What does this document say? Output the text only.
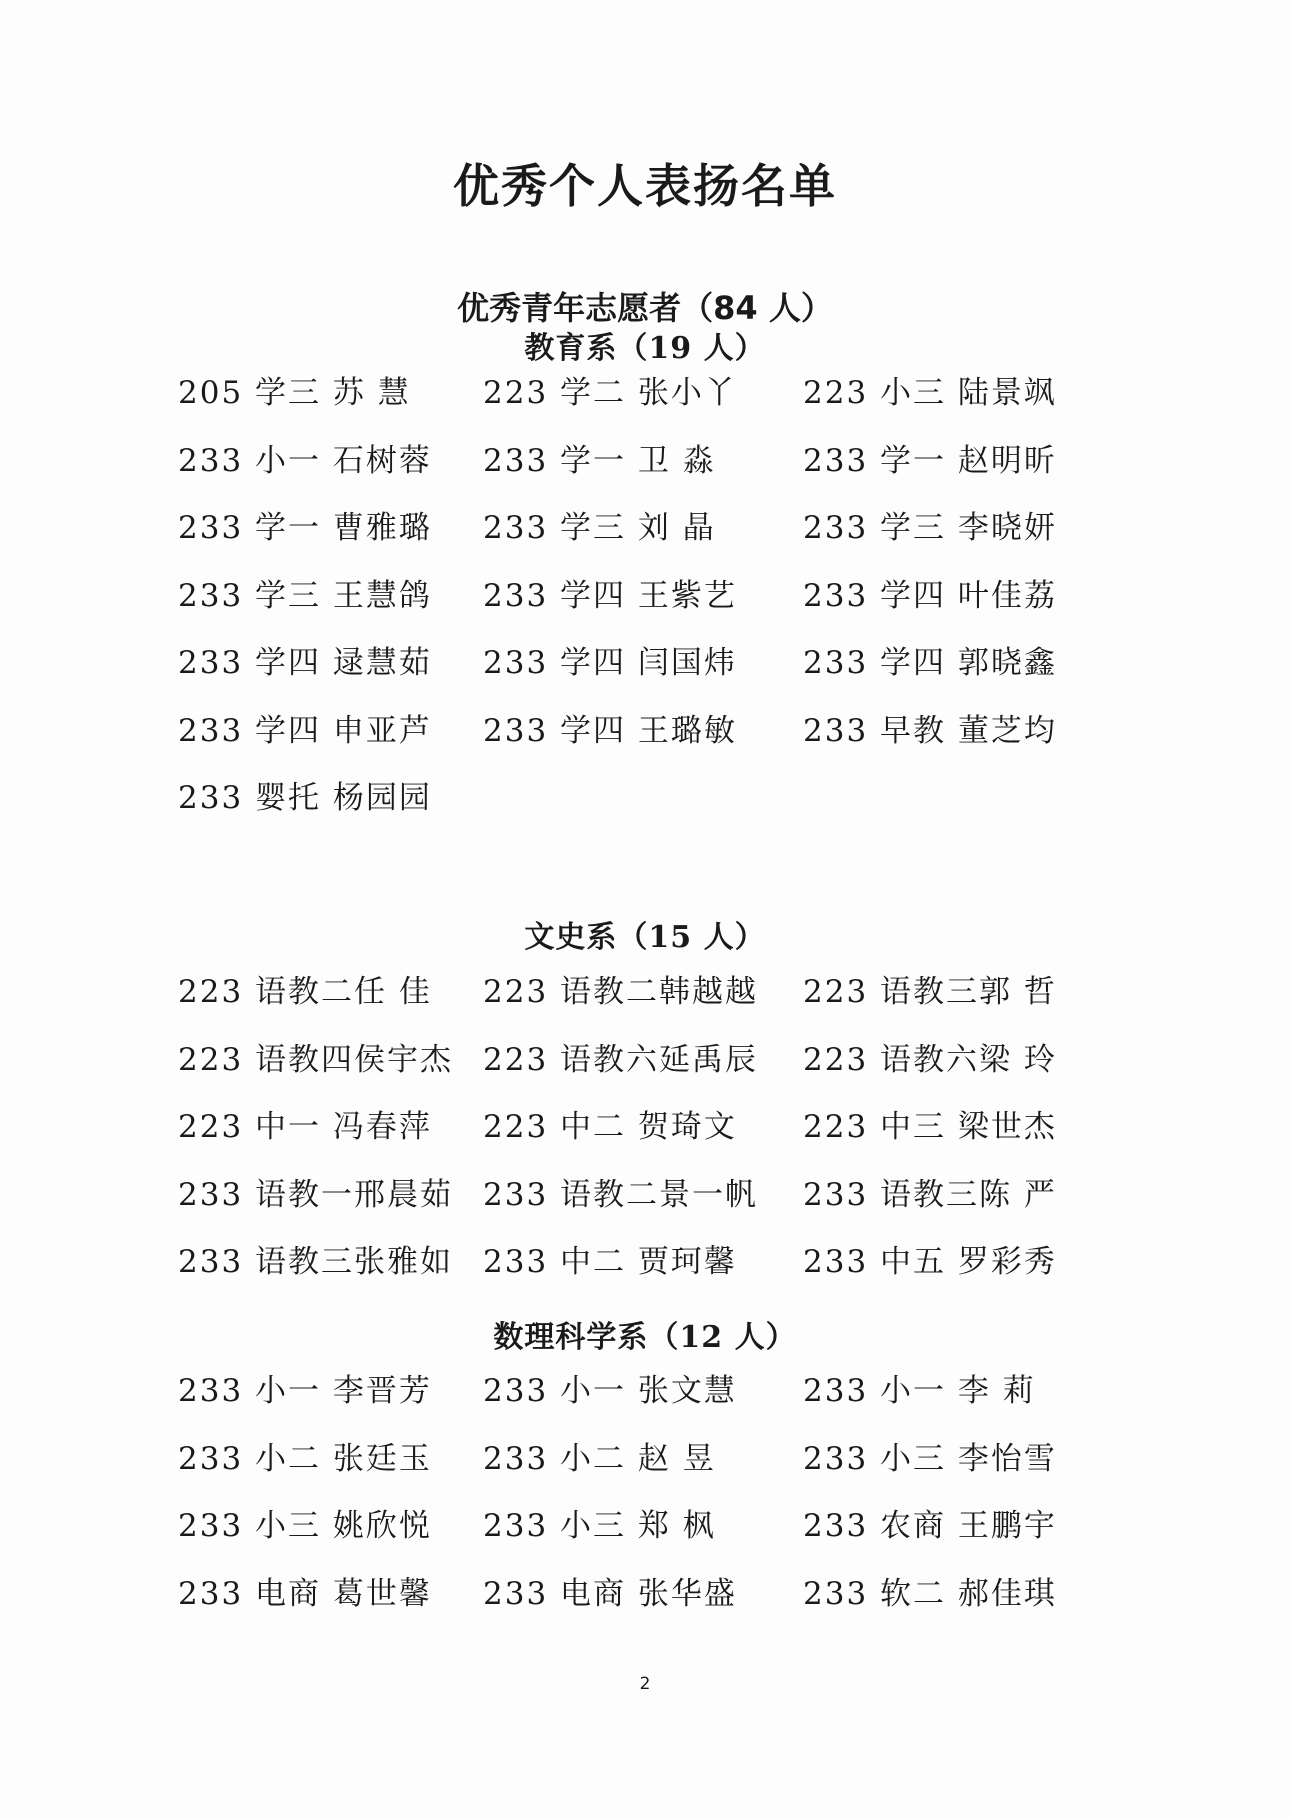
优秀个人表扬名单
优秀青年志愿者（84 人）
教育系（19 人）
205 学三 苏 慧 223 学二 张小丫 223 小三 陆景飒
233 小一 石树蓉 233 学一 卫 淼	233 学一 赵明昕
233 学一 曹雅璐 233 学三 刘 晶	233 学三 李晓妍
233 学三 王慧鸽 233 学四 王紫艺 233 学四 叶佳荔
233 学四 逯慧茹 233 学四 闫国炜 233 学四 郭晓鑫
233 学四 申亚芦 233 学四 王璐敏 233 早教 董芝均
233 婴托 杨园园
文史系（15 人）
223 语教二任 佳 223 语教二韩越越 223 语教三郭 哲
223 语教四侯宇杰 223 语教六延禹辰 223 语教六梁 玲
223 中一 冯春萍 223 中二 贺琦文 223 中三 梁世杰
233 语教一邢晨茹 233 语教二景一帆 233 语教三陈 严
233 语教三张雅如 233 中二 贾珂馨 233 中五 罗彩秀
数理科学系（12 人）
233 小一 李晋芳 233 小一 张文慧 233 小一 李 莉
233 小二 张廷玉 233 小二 赵 昱	233 小三 李怡雪
233 小三 姚欣悦 233 小三 郑 枫	233 农商 王鹏宇
233 电商 葛世馨 233 电商 张华盛 233 软二 郝佳琪
2
